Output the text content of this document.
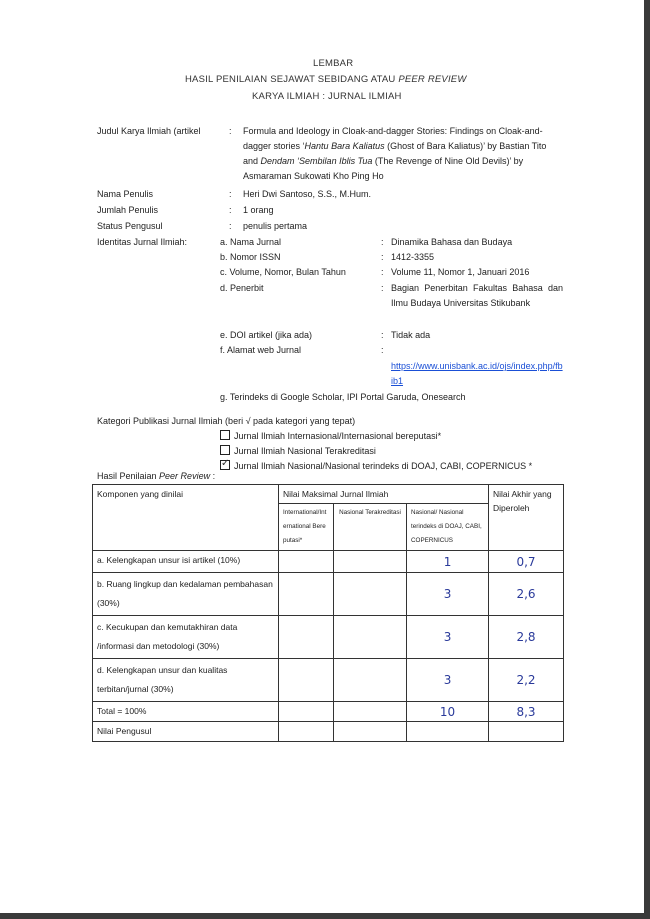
LEMBAR
HASIL PENILAIAN SEJAWAT SEBIDANG ATAU PEER REVIEW
KARYA ILMIAH : JURNAL ILMIAH
Judul Karya Ilmiah (artikel	: Formula and Ideology in Cloak-and-dagger Stories: Findings on Cloak-and-dagger stories ‘Hantu Bara Kaliatus (Ghost of Bara Kaliatus)’ by Bastian Tito and Dendam ‘Sembilan Iblis Tua (The Revenge of Nine Old Devils)’ by Asmaraman Sukowati Kho Ping Ho
Nama Penulis	: Heri Dwi Santoso, S.S., M.Hum.
Jumlah Penulis	: 1 orang
Status Pengusul	: penulis pertama
Identitas Jurnal Ilmiah:	a. Nama Jurnal	: Dinamika Bahasa dan Budaya
b. Nomor ISSN	: 1412-3355
c. Volume, Nomor, Bulan Tahun	: Volume 11, Nomor 1, Januari 2016
d. Penerbit	: Bagian Penerbitan Fakultas Bahasa dan Ilmu Budaya Universitas Stikubank
e. DOI artikel (jika ada)	: Tidak ada
f. Alamat web Jurnal	:
https://www.unisbank.ac.id/ojs/index.php/fbib1
g. Terindeks di Google Scholar, IPI Portal Garuda, Onesearch
Kategori Publikasi Jurnal Ilmiah (beri √ pada kategori yang tepat)
Jurnal Ilmiah Internasional/Internasional bereputasi*
Jurnal Ilmiah Nasional Terakreditasi
✓Jurnal Ilmiah Nasional/Nasional terindeks di DOAJ, CABI, COPERNICUS *
Hasil Penilaian Peer Review :
Komponen yang dinilai	Nilai Maksimal Jurnal Ilmiah			Nilai Akhir yang Diperoleh
	International/International Bereputasi*	Nasional Terakreditasi	Nasional/ Nasional terindeks di DOAJ, CABI, COPERNICUS	
a. Kelengkapan unsur isi artikel (10%)			1	0,7
b. Ruang lingkup dan kedalaman pembahasan (30%)			3	2,6
c. Kecukupan dan kemutakhiran data /informasi dan metodologi (30%)			3	2,8
d. Kelengkapan unsur dan kualitas terbitan/jurnal (30%)			3	2,2
Total = 100%			10	8,3
Nilai Pengusul				
